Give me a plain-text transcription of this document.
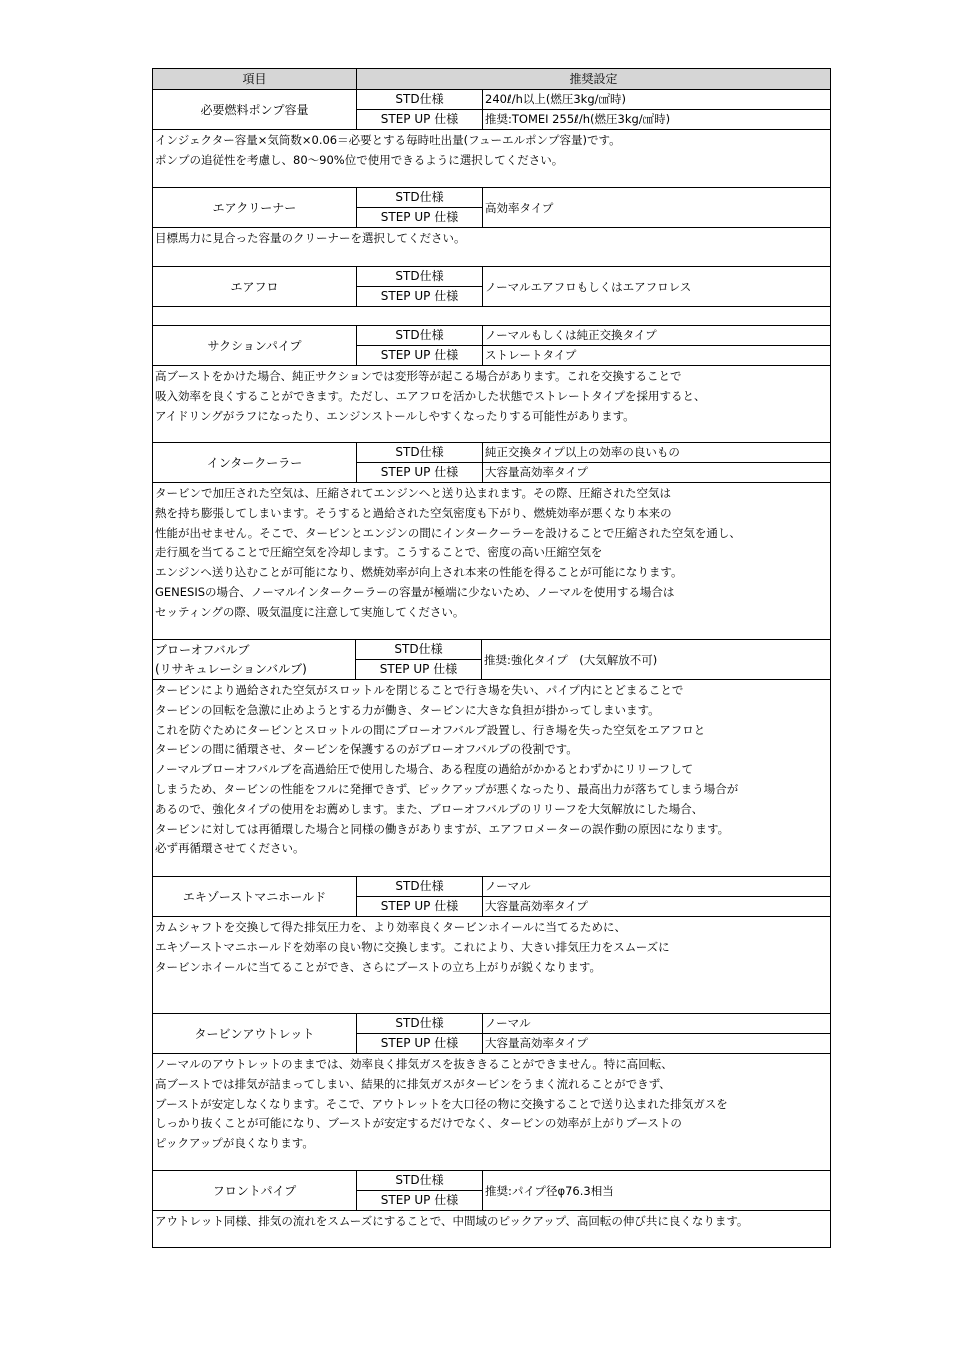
項目	推奨設定
必要燃料ポンプ容量
STD仕様
STEP UP 仕様
240ℓ/h以上(燃圧3kg/㎠時)
推奨:TOMEI 255ℓ/h(燃圧3kg/㎠時)
インジェクター容量×気筒数×0.06＝必要とする毎時吐出量(フューエルポンプ容量)です。
ポンプの追従性を考慮し、80～90%位で使用できるように選択してください。
エアクリーナー
STD仕様
STEP UP 仕様
高効率タイプ
目標馬力に見合った容量のクリーナーを選択してください。
エアフロ
STD仕様
STEP UP 仕様
ノーマルエアフロもしくはエアフロレス
サクションパイプ
STD仕様
STEP UP 仕様
ノーマルもしくは純正交換タイプ
ストレートタイプ
高ブーストをかけた場合、純正サクションでは変形等が起こる場合があります。これを交換することで
吸入効率を良くすることができます。ただし、エアフロを活かした状態でストレートタイプを採用すると、
アイドリングがラフになったり、エンジンストールしやすくなったりする可能性があります。
インタークーラー
STD仕様
STEP UP 仕様
純正交換タイプ以上の効率の良いもの
大容量高効率タイプ
タービンで加圧された空気は、圧縮されてエンジンへと送り込まれます。その際、圧縮された空気は
熱を持ち膨張してしまいます。そうすると過給された空気密度も下がり、燃焼効率が悪くなり本来の
性能が出せません。そこで、タービンとエンジンの間にインタークーラーを設けることで圧縮された空気を通し、
走行風を当てることで圧縮空気を冷却します。こうすることで、密度の高い圧縮空気を
エンジンへ送り込むことが可能になり、燃焼効率が向上され本来の性能を得ることが可能になります。
GENESISの場合、ノーマルインタークーラーの容量が極端に少ないため、ノーマルを使用する場合は
セッティングの際、吸気温度に注意して実施してください。
ブローオフバルブ
(リサキュレーションバルブ)
STD仕様
STEP UP 仕様
推奨:強化タイプ　(大気解放不可)
タービンにより過給された空気がスロットルを閉じることで行き場を失い、パイプ内にとどまることで
タービンの回転を急激に止めようとする力が働き、タービンに大きな負担が掛かってしまいます。
これを防ぐためにタービンとスロットルの間にブローオフバルブ設置し、行き場を失った空気をエアフロと
タービンの間に循環させ、タービンを保護するのがブローオフバルブの役割です。
ノーマルブローオフバルブを高過給圧で使用した場合、ある程度の過給がかかるとわずかにリリーフして
しまうため、タービンの性能をフルに発揮できず、ピックアップが悪くなったり、最高出力が落ちてしまう場合が
あるので、強化タイプの使用をお薦めします。また、ブローオフバルブのリリーフを大気解放にした場合、
タービンに対しては再循環した場合と同様の働きがありますが、エアフロメーターの誤作動の原因になります。
必ず再循環させてください。
エキゾーストマニホールド
STD仕様
STEP UP 仕様
ノーマル
大容量高効率タイプ
カムシャフトを交換して得た排気圧力を、より効率良くタービンホイールに当てるために、
エキゾーストマニホールドを効率の良い物に交換します。これにより、大きい排気圧力をスムーズに
タービンホイールに当てることができ、さらにブーストの立ち上がりが鋭くなります。
タービンアウトレット
STD仕様
STEP UP 仕様
ノーマル
大容量高効率タイプ
ノーマルのアウトレットのままでは、効率良く排気ガスを抜ききることができません。特に高回転、
高ブーストでは排気が詰まってしまい、結果的に排気ガスがタービンをうまく流れることができず、
ブーストが安定しなくなります。そこで、アウトレットを大口径の物に交換することで送り込まれた排気ガスを
しっかり抜くことが可能になり、ブーストが安定するだけでなく、タービンの効率が上がりブーストの
ピックアップが良くなります。
フロントパイプ
STD仕様
STEP UP 仕様
推奨:パイプ径φ76.3相当
アウトレット同様、排気の流れをスムーズにすることで、中間域のピックアップ、高回転の伸び共に良くなります。
